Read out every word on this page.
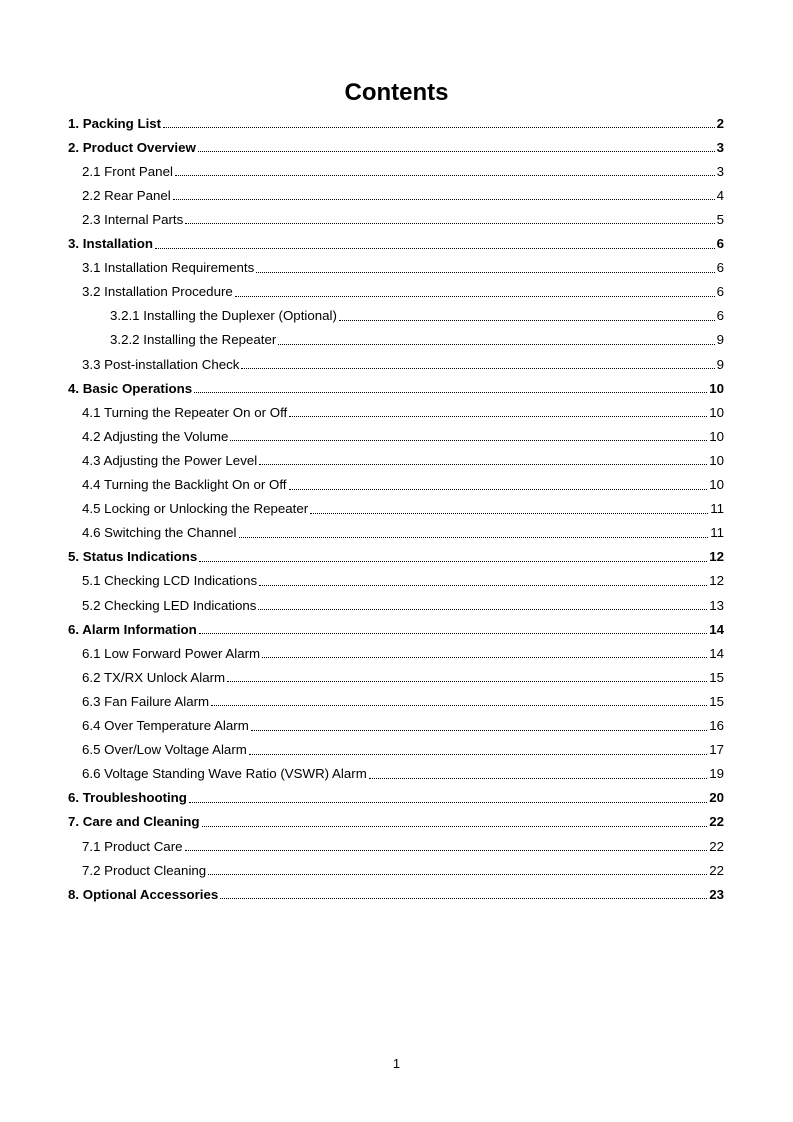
Contents
1. Packing List	2
2. Product Overview	3
2.1 Front Panel	3
2.2 Rear Panel	4
2.3 Internal Parts	5
3. Installation	6
3.1 Installation Requirements	6
3.2 Installation Procedure	6
3.2.1 Installing the Duplexer (Optional)	6
3.2.2 Installing the Repeater	9
3.3 Post-installation Check	9
4. Basic Operations	10
4.1 Turning the Repeater On or Off	10
4.2 Adjusting the Volume	10
4.3 Adjusting the Power Level	10
4.4 Turning the Backlight On or Off	10
4.5 Locking or Unlocking the Repeater	11
4.6 Switching the Channel	11
5. Status Indications	12
5.1 Checking LCD Indications	12
5.2 Checking LED Indications	13
6. Alarm Information	14
6.1 Low Forward Power Alarm	14
6.2 TX/RX Unlock Alarm	15
6.3 Fan Failure Alarm	15
6.4 Over Temperature Alarm	16
6.5 Over/Low Voltage Alarm	17
6.6 Voltage Standing Wave Ratio (VSWR) Alarm	19
6. Troubleshooting	20
7. Care and Cleaning	22
7.1 Product Care	22
7.2 Product Cleaning	22
8. Optional Accessories	23
1
